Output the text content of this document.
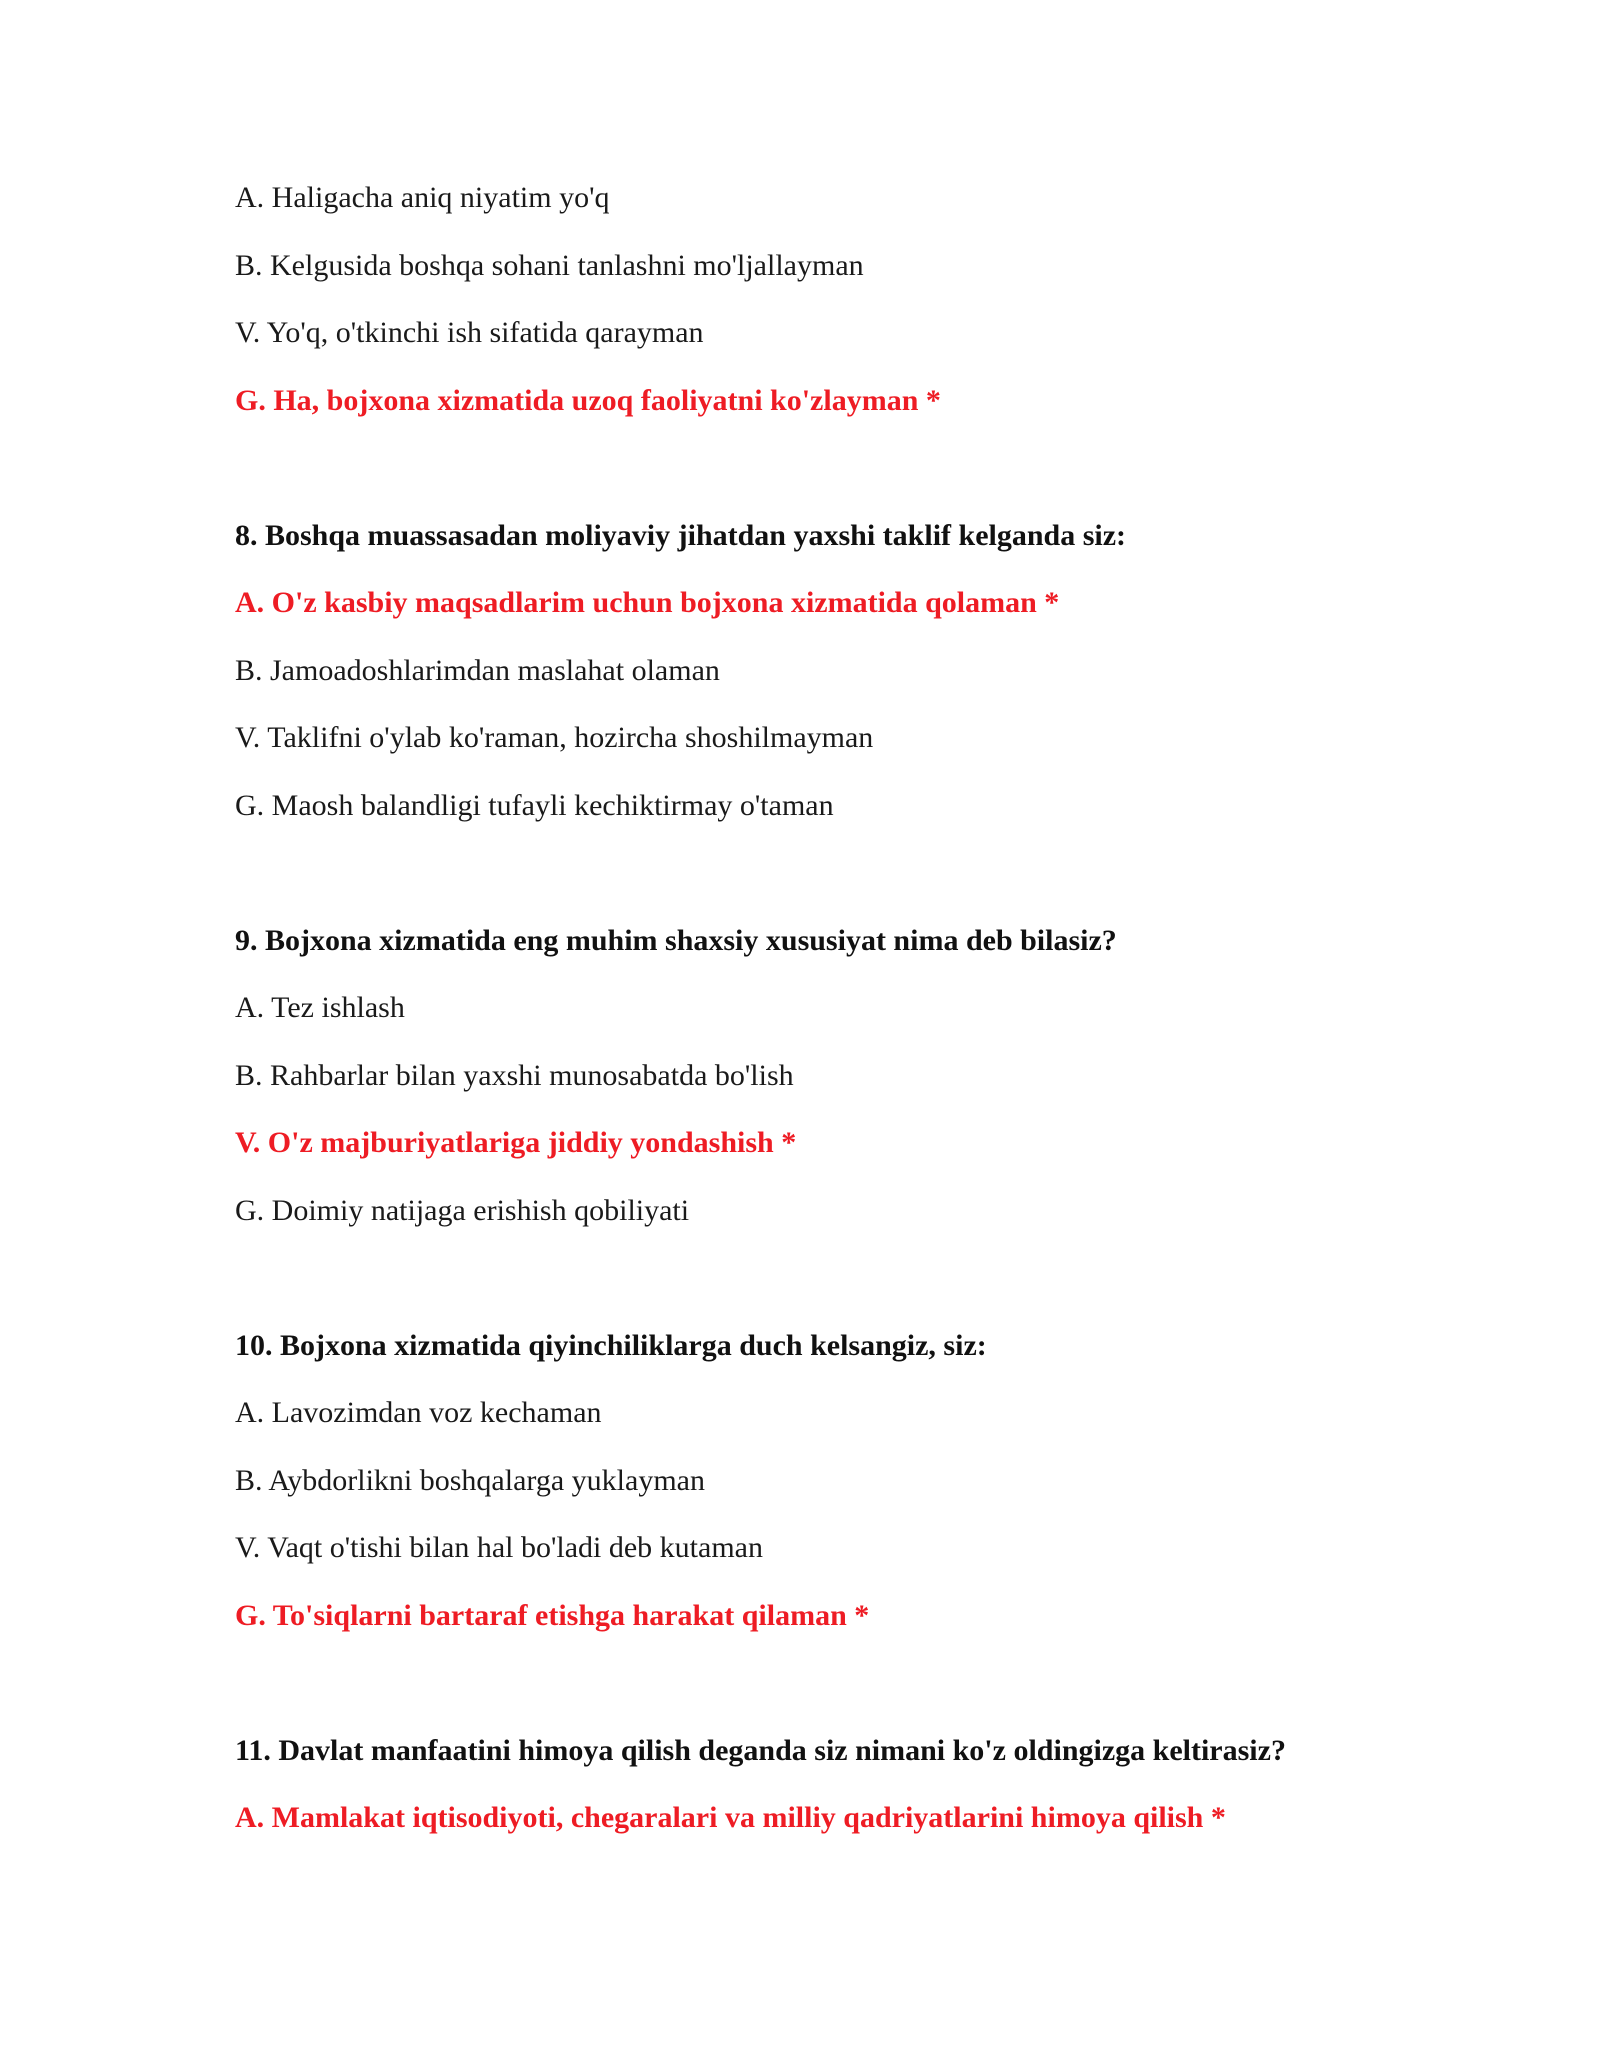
A. Haligacha aniq niyatim yo'q
B. Kelgusida boshqa sohani tanlashni mo'ljallayman
V. Yo'q, o'tkinchi ish sifatida qarayman
G. Ha, bojxona xizmatida uzoq faoliyatni ko'zlayman *
8. Boshqa muassasadan moliyaviy jihatdan yaxshi taklif kelganda siz:
A. O'z kasbiy maqsadlarim uchun bojxona xizmatida qolaman *
B. Jamoadoshlarimdan maslahat olaman
V. Taklifni o'ylab ko'raman, hozircha shoshilmayman
G. Maosh balandligi tufayli kechiktirmay o'taman
9. Bojxona xizmatida eng muhim shaxsiy xususiyat nima deb bilasiz?
A. Tez ishlash
B. Rahbarlar bilan yaxshi munosabatda bo'lish
V. O'z majburiyatlariga jiddiy yondashish *
G. Doimiy natijaga erishish qobiliyati
10. Bojxona xizmatida qiyinchiliklarga duch kelsangiz, siz:
A. Lavozimdan voz kechaman
B. Aybdorlikni boshqalarga yuklayman
V. Vaqt o'tishi bilan hal bo'ladi deb kutaman
G. To'siqlarni bartaraf etishga harakat qilaman *
11. Davlat manfaatini himoya qilish deganda siz nimani ko'z oldingizga keltirasiz?
A. Mamlakat iqtisodiyoti, chegaralari va milliy qadriyatlarini himoya qilish *
